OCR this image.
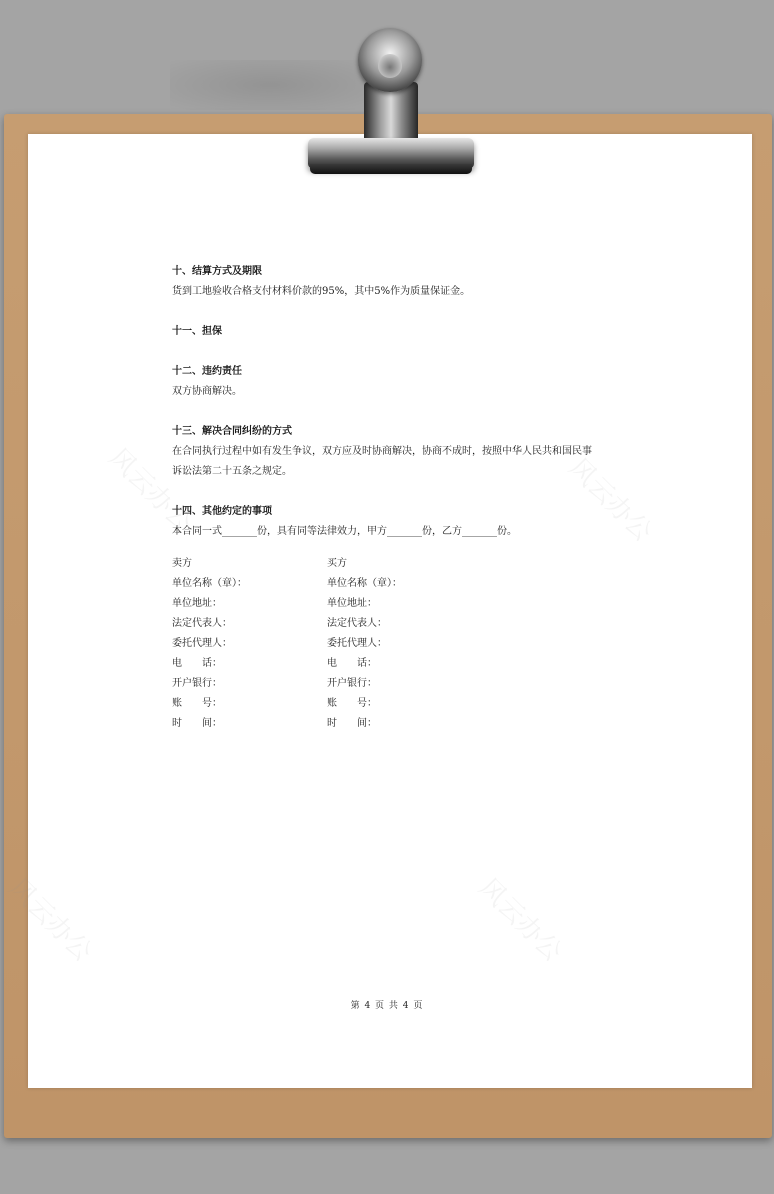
风云办公	风云办公
风云办公	风云办公

十、结算方式及期限

货到工地验收合格支付材料价款的95%，其中5%作为质量保证金。

十一、担保

十二、违约责任

双方协商解决。

十三、解决合同纠纷的方式

在合同执行过程中如有发生争议，双方应及时协商解决，协商不成时，按照中华人民共和国民事

诉讼法第二十五条之规定。

十四、其他约定的事项

本合同一式_______份，具有同等法律效力，甲方_______份，乙方_______份。

卖方	买方
单位名称（章）：	单位名称（章）：
单位地址：	单位地址：
法定代表人：	法定代表人：
委托代理人：	委托代理人：
电　　话：	电　　话：
开户银行：	开户银行：
账　　号：	账　　号：
时　　间：	时　　间：
第 4 页 共 4 页
